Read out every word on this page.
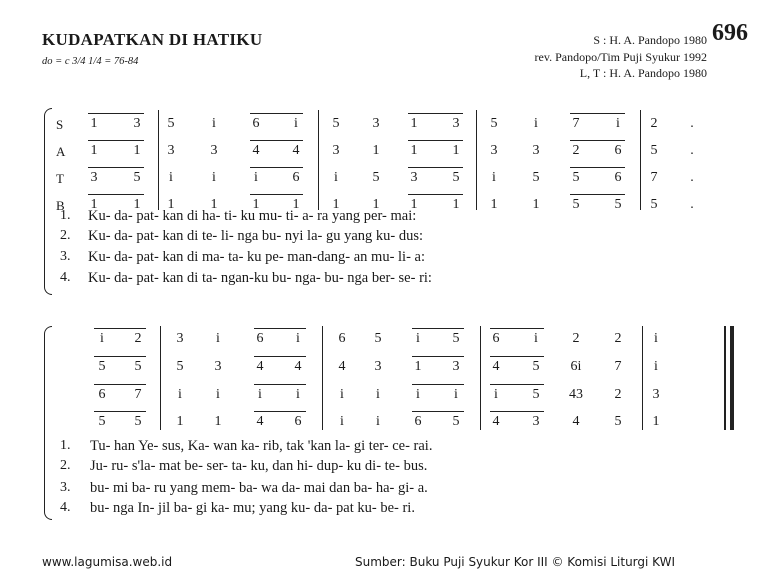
KUDAPATKAN DI HATIKU
do = c 3/4 1/4 = 76-84
S : H. A. Pandopo 1980
rev. Pandopo/Tim Puji Syukur 1992
L, T : H. A. Pandopo 1980
696
S	1	3	5	i	6	i	5	3	1	3	5	i	7	i	2	.
A	1	1	3	3	4	4	3	1	1	1	3	3	2	6	5	.
T	3	5	i	i	i	6	i	5	3	5	i	5	5	6	7	.
B	1	1	1	1	1	1	1	1	1	1	1	1	5	5	5	.
1. Ku- da- pat- kan di ha- ti- ku mu- ti- a- ra yang per- mai:
2. Ku- da- pat- kan di te- li- nga bu- nyi la- gu yang ku- dus:
3. Ku- da- pat- kan di ma- ta- ku pe- man-dang- an mu- li- a:
4. Ku- da- pat- kan di ta- ngan-ku bu- nga- bu- nga ber- se- ri:
i	2	3	i	6	i	6	5	i	5	6	i	2	2	i
5	5	5	3	4	4	4	3	1	3	4	5	6i	7	i
6	7	i	i	i	i	i	i	i	i	i	5	43	2	3
5	5	1	1	4	6	i	i	6	5	4	3	4	5	1
1. Tu- han Ye- sus, Ka- wan ka- rib, tak 'kan la- gi ter- ce- rai.
2. Ju- ru- s'la- mat be- ser- ta- ku, dan hi- dup- ku di- te- bus.
3. bu- mi ba- ru yang mem- ba- wa da- mai dan ba- ha- gi- a.
4. bu- nga In- jil ba- gi ka- mu; yang ku- da- pat ku- be- ri.
www.lagumisa.web.id	Sumber: Buku Puji Syukur Kor III © Komisi Liturgi KWI
